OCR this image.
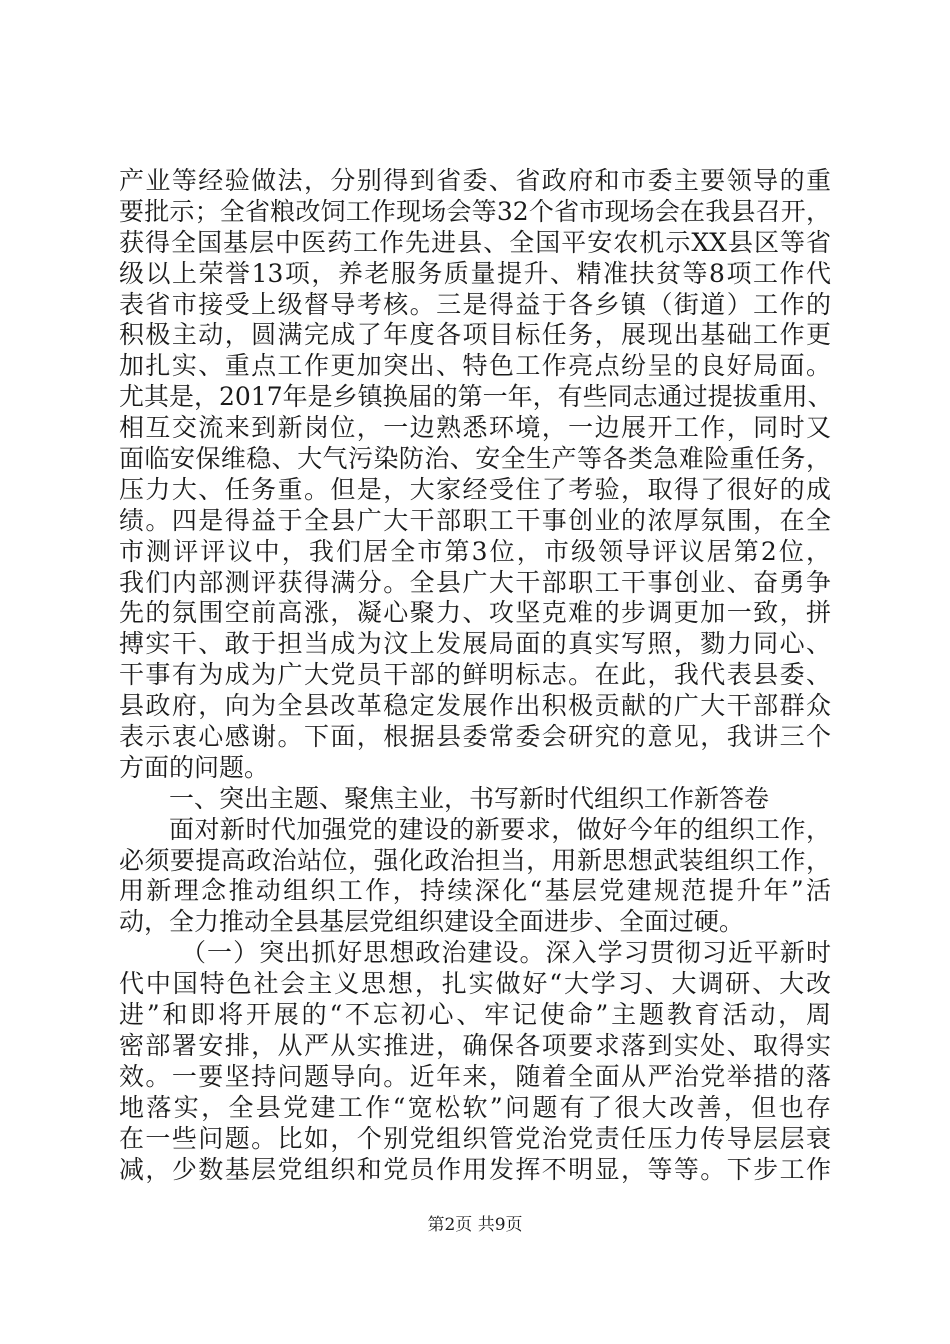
产业等经验做法，分别得到省委、省政府和市委主要领导的重
要批示；全省粮改饲工作现场会等32个省市现场会在我县召开，
获得全国基层中医药工作先进县、全国平安农机示XX县区等省
级以上荣誉13项，养老服务质量提升、精准扶贫等8项工作代
表省市接受上级督导考核。三是得益于各乡镇（街道）工作的
积极主动，圆满完成了年度各项目标任务，展现出基础工作更
加扎实、重点工作更加突出、特色工作亮点纷呈的良好局面。
尤其是，2017年是乡镇换届的第一年，有些同志通过提拔重用、
相互交流来到新岗位，一边熟悉环境，一边展开工作，同时又
面临安保维稳、大气污染防治、安全生产等各类急难险重任务，
压力大、任务重。但是，大家经受住了考验，取得了很好的成
绩。四是得益于全县广大干部职工干事创业的浓厚氛围，在全
市测评评议中，我们居全市第3位，市级领导评议居第2位，
我们内部测评获得满分。全县广大干部职工干事创业、奋勇争
先的氛围空前高涨，凝心聚力、攻坚克难的步调更加一致，拼
搏实干、敢于担当成为汶上发展局面的真实写照，勠力同心、
干事有为成为广大党员干部的鲜明标志。在此，我代表县委、
县政府，向为全县改革稳定发展作出积极贡献的广大干部群众
表示衷心感谢。下面，根据县委常委会研究的意见，我讲三个
方面的问题。
一、突出主题、聚焦主业，书写新时代组织工作新答卷
面对新时代加强党的建设的新要求，做好今年的组织工作，
必须要提高政治站位，强化政治担当，用新思想武装组织工作，
用新理念推动组织工作，持续深化“基层党建规范提升年”活
动，全力推动全县基层党组织建设全面进步、全面过硬。
（一）突出抓好思想政治建设。深入学习贯彻习近平新时
代中国特色社会主义思想，扎实做好“大学习、大调研、大改
进”和即将开展的“不忘初心、牢记使命”主题教育活动，周
密部署安排，从严从实推进，确保各项要求落到实处、取得实
效。一要坚持问题导向。近年来，随着全面从严治党举措的落
地落实，全县党建工作“宽松软”问题有了很大改善，但也存
在一些问题。比如，个别党组织管党治党责任压力传导层层衰
减，少数基层党组织和党员作用发挥不明显，等等。下步工作
第2页 共9页
